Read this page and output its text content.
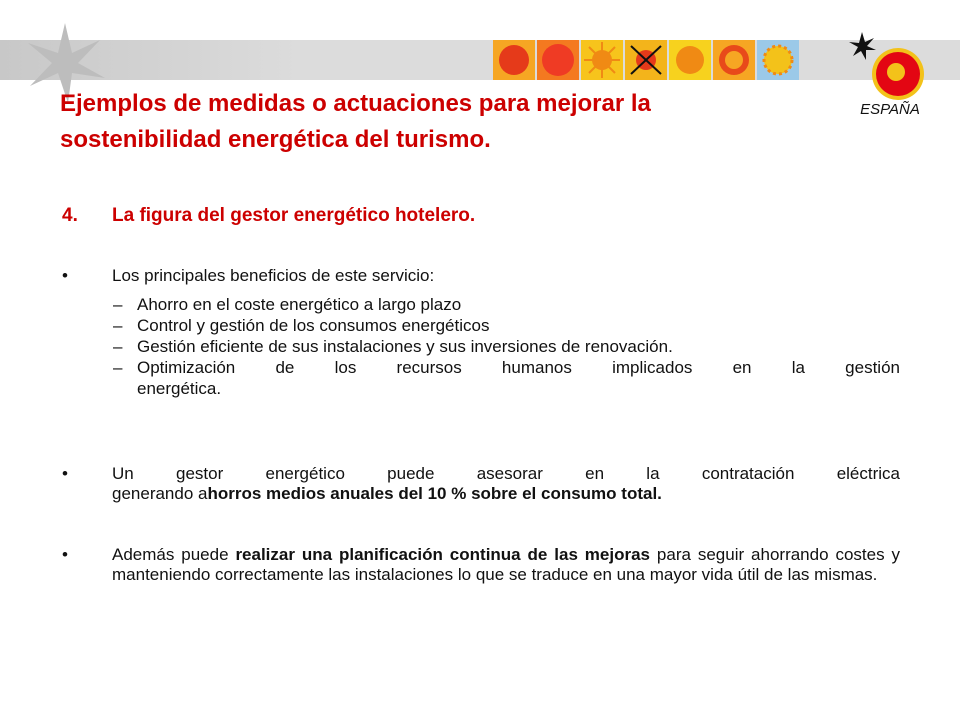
ESPAÑA
Ejemplos de medidas o actuaciones para mejorar la
sostenibilidad energética del turismo.
4. La figura del gestor energético hotelero.
•	Los principales beneficios de este servicio:
– Ahorro en el coste energético a largo plazo
– Control y gestión de los consumos energéticos
– Gestión eficiente de sus instalaciones y sus inversiones de renovación.
– Optimización de los recursos humanos implicados en la gestión
energética.
•	Un gestor energético puede asesorar en la contratación eléctrica
generando ahorros medios anuales del 10 % sobre el consumo total.
•	Además puede realizar una planificación continua de las mejoras para seguir ahorrando costes y manteniendo correctamente las instalaciones lo que se traduce en una mayor vida útil de las mismas.
